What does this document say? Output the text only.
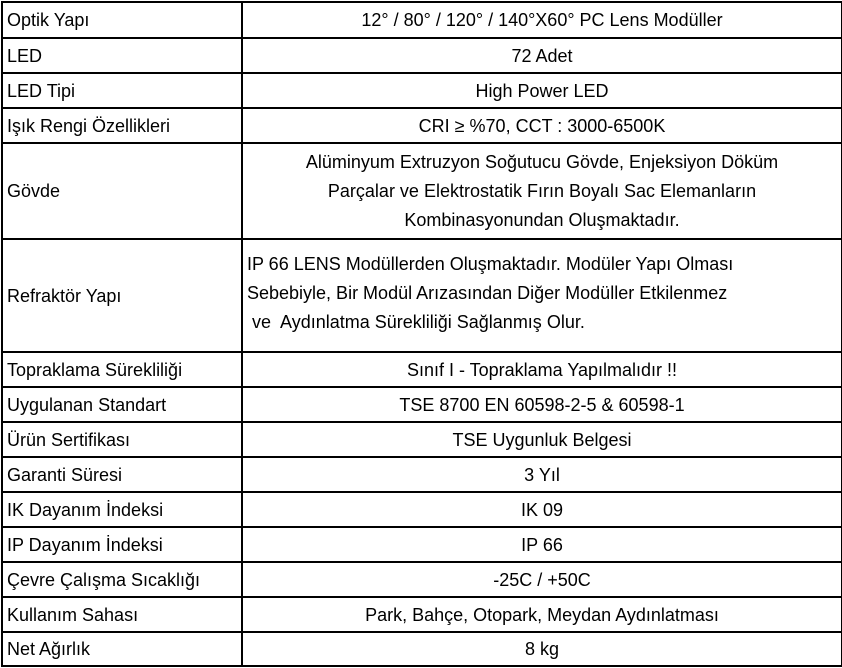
Optik Yapı	12° / 80° / 120° / 140°X60° PC Lens Modüller
LED	72 Adet
LED Tipi	High Power LED
Işık Rengi Özellikleri	CRI ≥ %70, CCT : 3000-6500K
Gövde	Alüminyum Extruzyon Soğutucu Gövde, Enjeksiyon Döküm
Parçalar ve Elektrostatik Fırın Boyalı Sac Elemanların
Kombinasyonundan Oluşmaktadır.

Refraktör Yapı	IP 66 LENS Modüllerden Oluşmaktadır. Modüler Yapı Olması
Sebebiyle, Bir Modül Arızasından Diğer Modüller Etkilenmez
ve  Aydınlatma Sürekliliği Sağlanmış Olur.

Topraklama Sürekliliği	Sınıf I - Topraklama Yapılmalıdır !!
Uygulanan Standart	TSE 8700 EN 60598-2-5 & 60598-1
Ürün Sertifikası	TSE Uygunluk Belgesi
Garanti Süresi	3 Yıl
IK Dayanım İndeksi	IK 09
IP Dayanım İndeksi	IP 66
Çevre Çalışma Sıcaklığı	-25C / +50C
Kullanım Sahası	Park, Bahçe, Otopark, Meydan Aydınlatması
Net Ağırlık	8 kg
